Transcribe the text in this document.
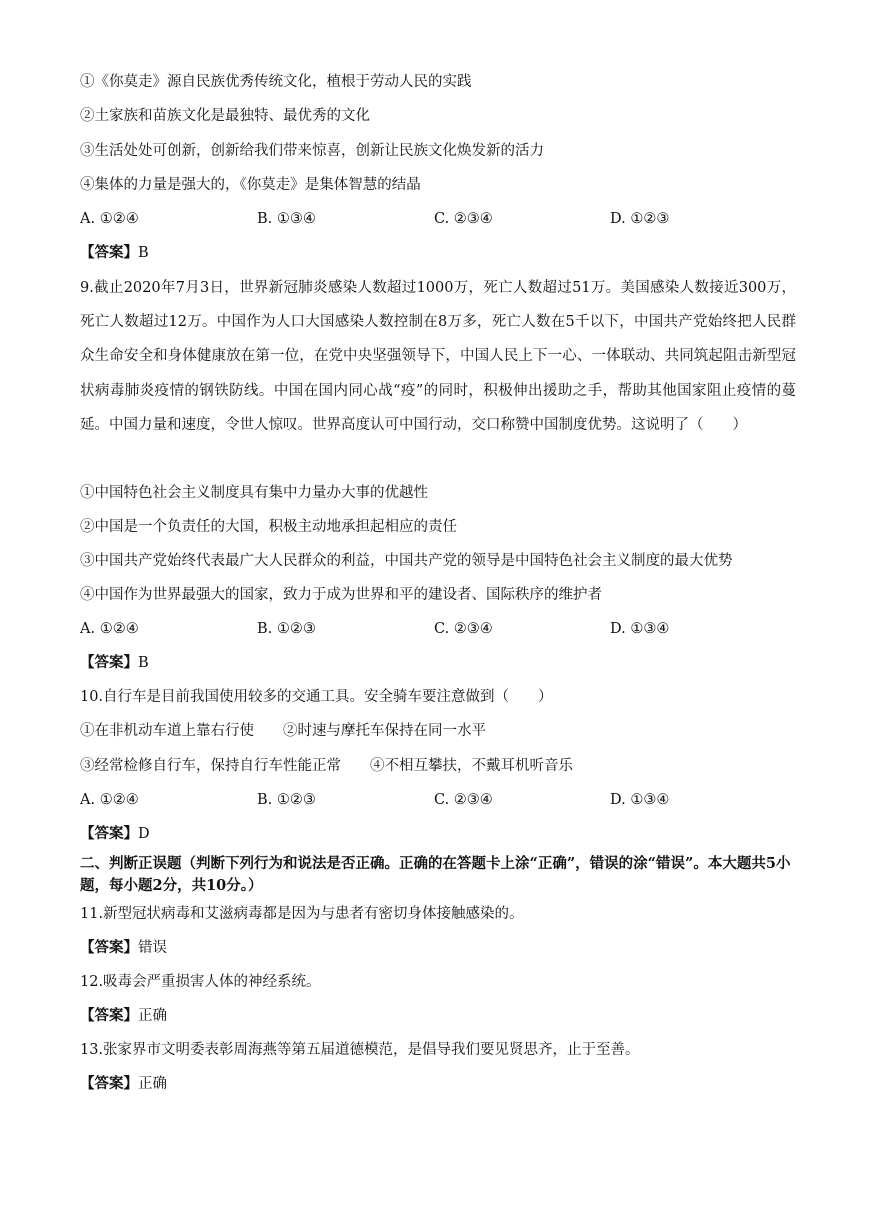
①《你莫走》源自民族优秀传统文化，植根于劳动人民的实践
②土家族和苗族文化是最独特、最优秀的文化
③生活处处可创新，创新给我们带来惊喜，创新让民族文化焕发新的活力
④集体的力量是强大的，《你莫走》是集体智慧的结晶
A. ①②④	B. ①③④	C. ②③④	D. ①②③
【答案】B
9.截止2020年7月3日，世界新冠肺炎感染人数超过1000万，死亡人数超过51万。美国感染人数接近300万，死亡人数超过12万。中国作为人口大国感染人数控制在8万多，死亡人数在5千以下，中国共产党始终把人民群众生命安全和身体健康放在第一位，在党中央坚强领导下，中国人民上下一心、一体联动、共同筑起阻击新型冠状病毒肺炎疫情的钢铁防线。中国在国内同心战“疫”的同时，积极伸出援助之手，帮助其他国家阻止疫情的蔓延。中国力量和速度，令世人惊叹。世界高度认可中国行动，交口称赞中国制度优势。这说明了（　　）
①中国特色社会主义制度具有集中力量办大事的优越性
②中国是一个负责任的大国，积极主动地承担起相应的责任
③中国共产党始终代表最广大人民群众的利益，中国共产党的领导是中国特色社会主义制度的最大优势
④中国作为世界最强大的国家，致力于成为世界和平的建设者、国际秩序的维护者
A. ①②④	B. ①②③	C. ②③④	D. ①③④
【答案】B
10.自行车是目前我国使用较多的交通工具。安全骑车要注意做到（　　）
①在非机动车道上靠右行使　　②时速与摩托车保持在同一水平
③经常检修自行车，保持自行车性能正常　　④不相互攀扶，不戴耳机听音乐
A. ①②④	B. ①②③	C. ②③④	D. ①③④
【答案】D
二、判断正误题（判断下列行为和说法是否正确。正确的在答题卡上涂“正确”，错误的涂“错误”。本大题共5小题，每小题2分，共10分。）
11.新型冠状病毒和艾滋病毒都是因为与患者有密切身体接触感染的。
【答案】错误
12.吸毒会严重损害人体的神经系统。
【答案】正确
13.张家界市文明委表彰周海燕等第五届道德模范，是倡导我们要见贤思齐，止于至善。
【答案】正确
